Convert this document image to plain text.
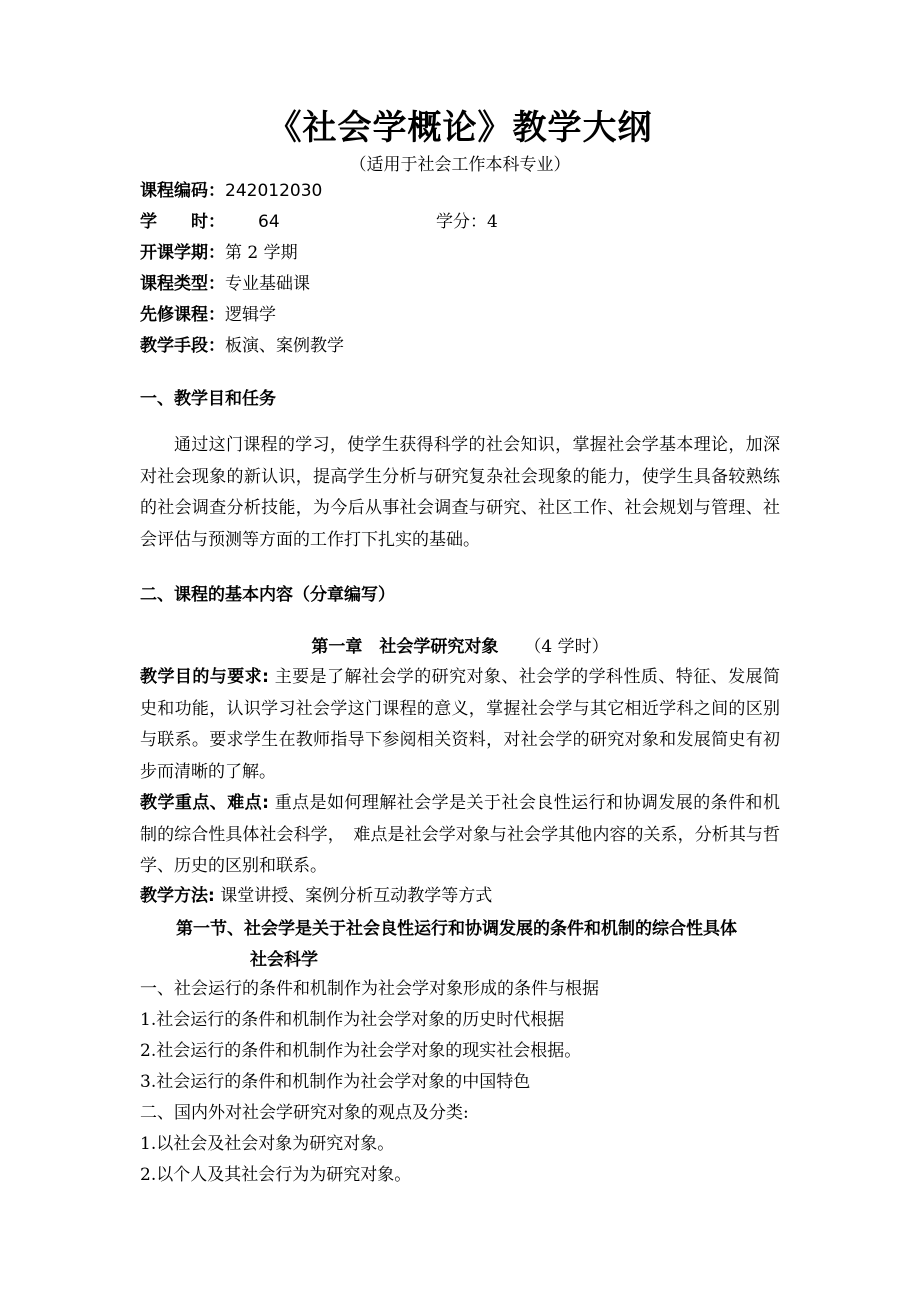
《社会学概论》教学大纲
（适用于社会工作本科专业）
课程编码：242012030
学　　时： 64	学分： 4
开课学期：第 2 学期
课程类型：专业基础课
先修课程：逻辑学
教学手段：板演、案例教学
一、教学目和任务
通过这门课程的学习，使学生获得科学的社会知识，掌握社会学基本理论，加深对社会现象的新认识，提高学生分析与研究复杂社会现象的能力，使学生具备较熟练的社会调查分析技能，为今后从事社会调查与研究、社区工作、社会规划与管理、社会评估与预测等方面的工作打下扎实的基础。
二、课程的基本内容（分章编写）
第一章　社会学研究对象 （4 学时）
教学目的与要求: 主要是了解社会学的研究对象、社会学的学科性质、特征、发展简史和功能，认识学习社会学这门课程的意义，掌握社会学与其它相近学科之间的区别与联系。要求学生在教师指导下参阅相关资料，对社会学的研究对象和发展简史有初步而清晰的了解。
教学重点、难点: 重点是如何理解社会学是关于社会良性运行和协调发展的条件和机制的综合性具体社会科学，　难点是社会学对象与社会学其他内容的关系，分析其与哲学、历史的区别和联系。
教学方法: 课堂讲授、案例分析互动教学等方式
第一节、社会学是关于社会良性运行和协调发展的条件和机制的综合性具体
社会科学
一、社会运行的条件和机制作为社会学对象形成的条件与根据
1.社会运行的条件和机制作为社会学对象的历史时代根据
2.社会运行的条件和机制作为社会学对象的现实社会根据。
3.社会运行的条件和机制作为社会学对象的中国特色
二、国内外对社会学研究对象的观点及分类:
1.以社会及社会对象为研究对象。
2.以个人及其社会行为为研究对象。
